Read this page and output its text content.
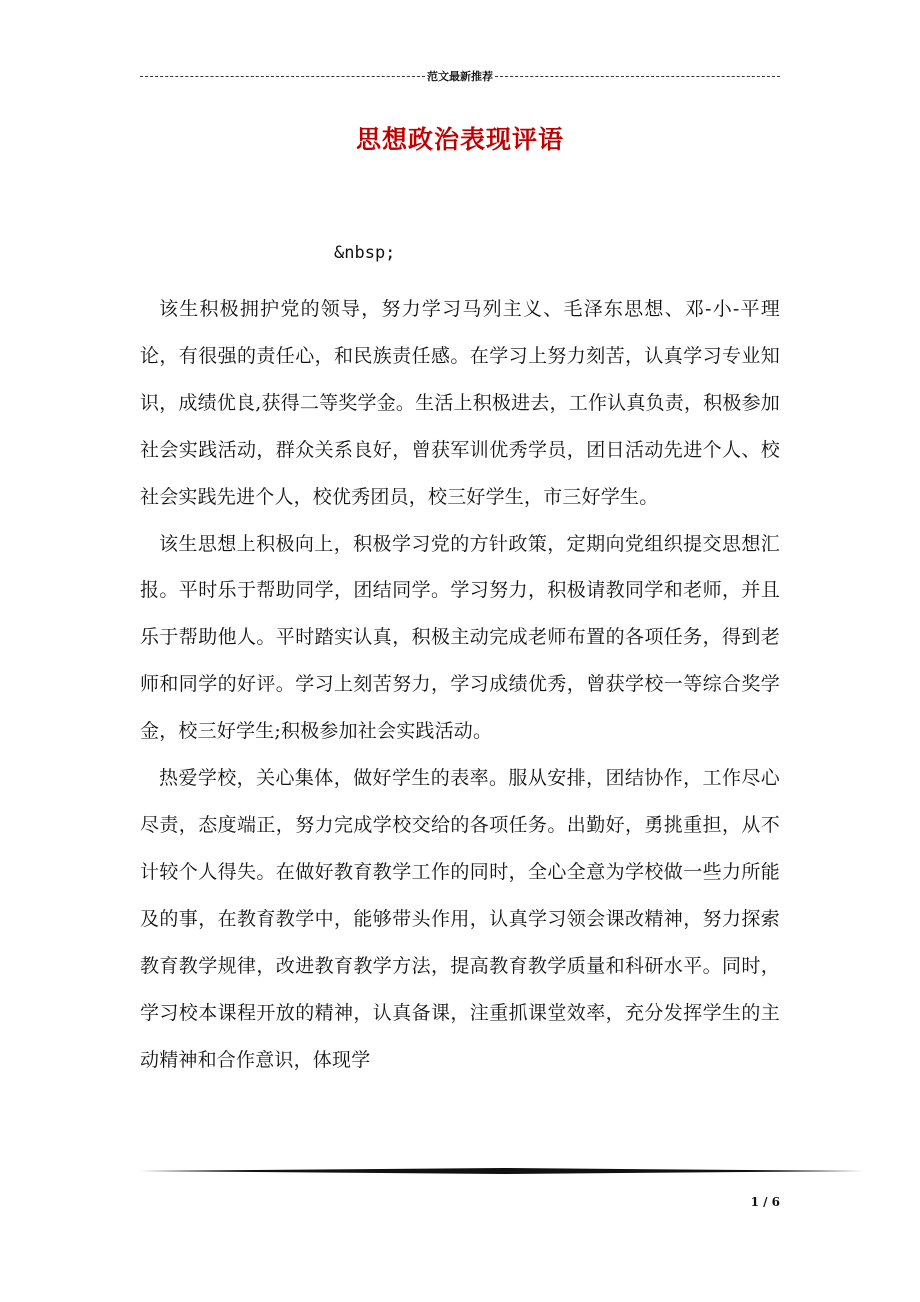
范文最新推荐
思想政治表现评语
&nbsp;

该生积极拥护党的领导，努力学习马列主义、毛泽东思想、邓-小-平理论，有很强的责任心，和民族责任感。在学习上努力刻苦，认真学习专业知识，成绩优良,获得二等奖学金。生活上积极进去，工作认真负责，积极参加社会实践活动，群众关系良好，曾获军训优秀学员，团日活动先进个人、校社会实践先进个人，校优秀团员，校三好学生，市三好学生。

该生思想上积极向上，积极学习党的方针政策，定期向党组织提交思想汇报。平时乐于帮助同学，团结同学。学习努力，积极请教同学和老师，并且乐于帮助他人。平时踏实认真，积极主动完成老师布置的各项任务，得到老师和同学的好评。学习上刻苦努力，学习成绩优秀，曾获学校一等综合奖学金，校三好学生;积极参加社会实践活动。

热爱学校，关心集体，做好学生的表率。服从安排，团结协作，工作尽心尽责，态度端正，努力完成学校交给的各项任务。出勤好，勇挑重担，从不计较个人得失。在做好教育教学工作的同时，全心全意为学校做一些力所能及的事，在教育教学中，能够带头作用，认真学习领会课改精神，努力探索教育教学规律，改进教育教学方法，提高教育教学质量和科研水平。同时，学习校本课程开放的精神，认真备课，注重抓课堂效率，充分发挥学生的主动精神和合作意识，体现学

1 / 6
